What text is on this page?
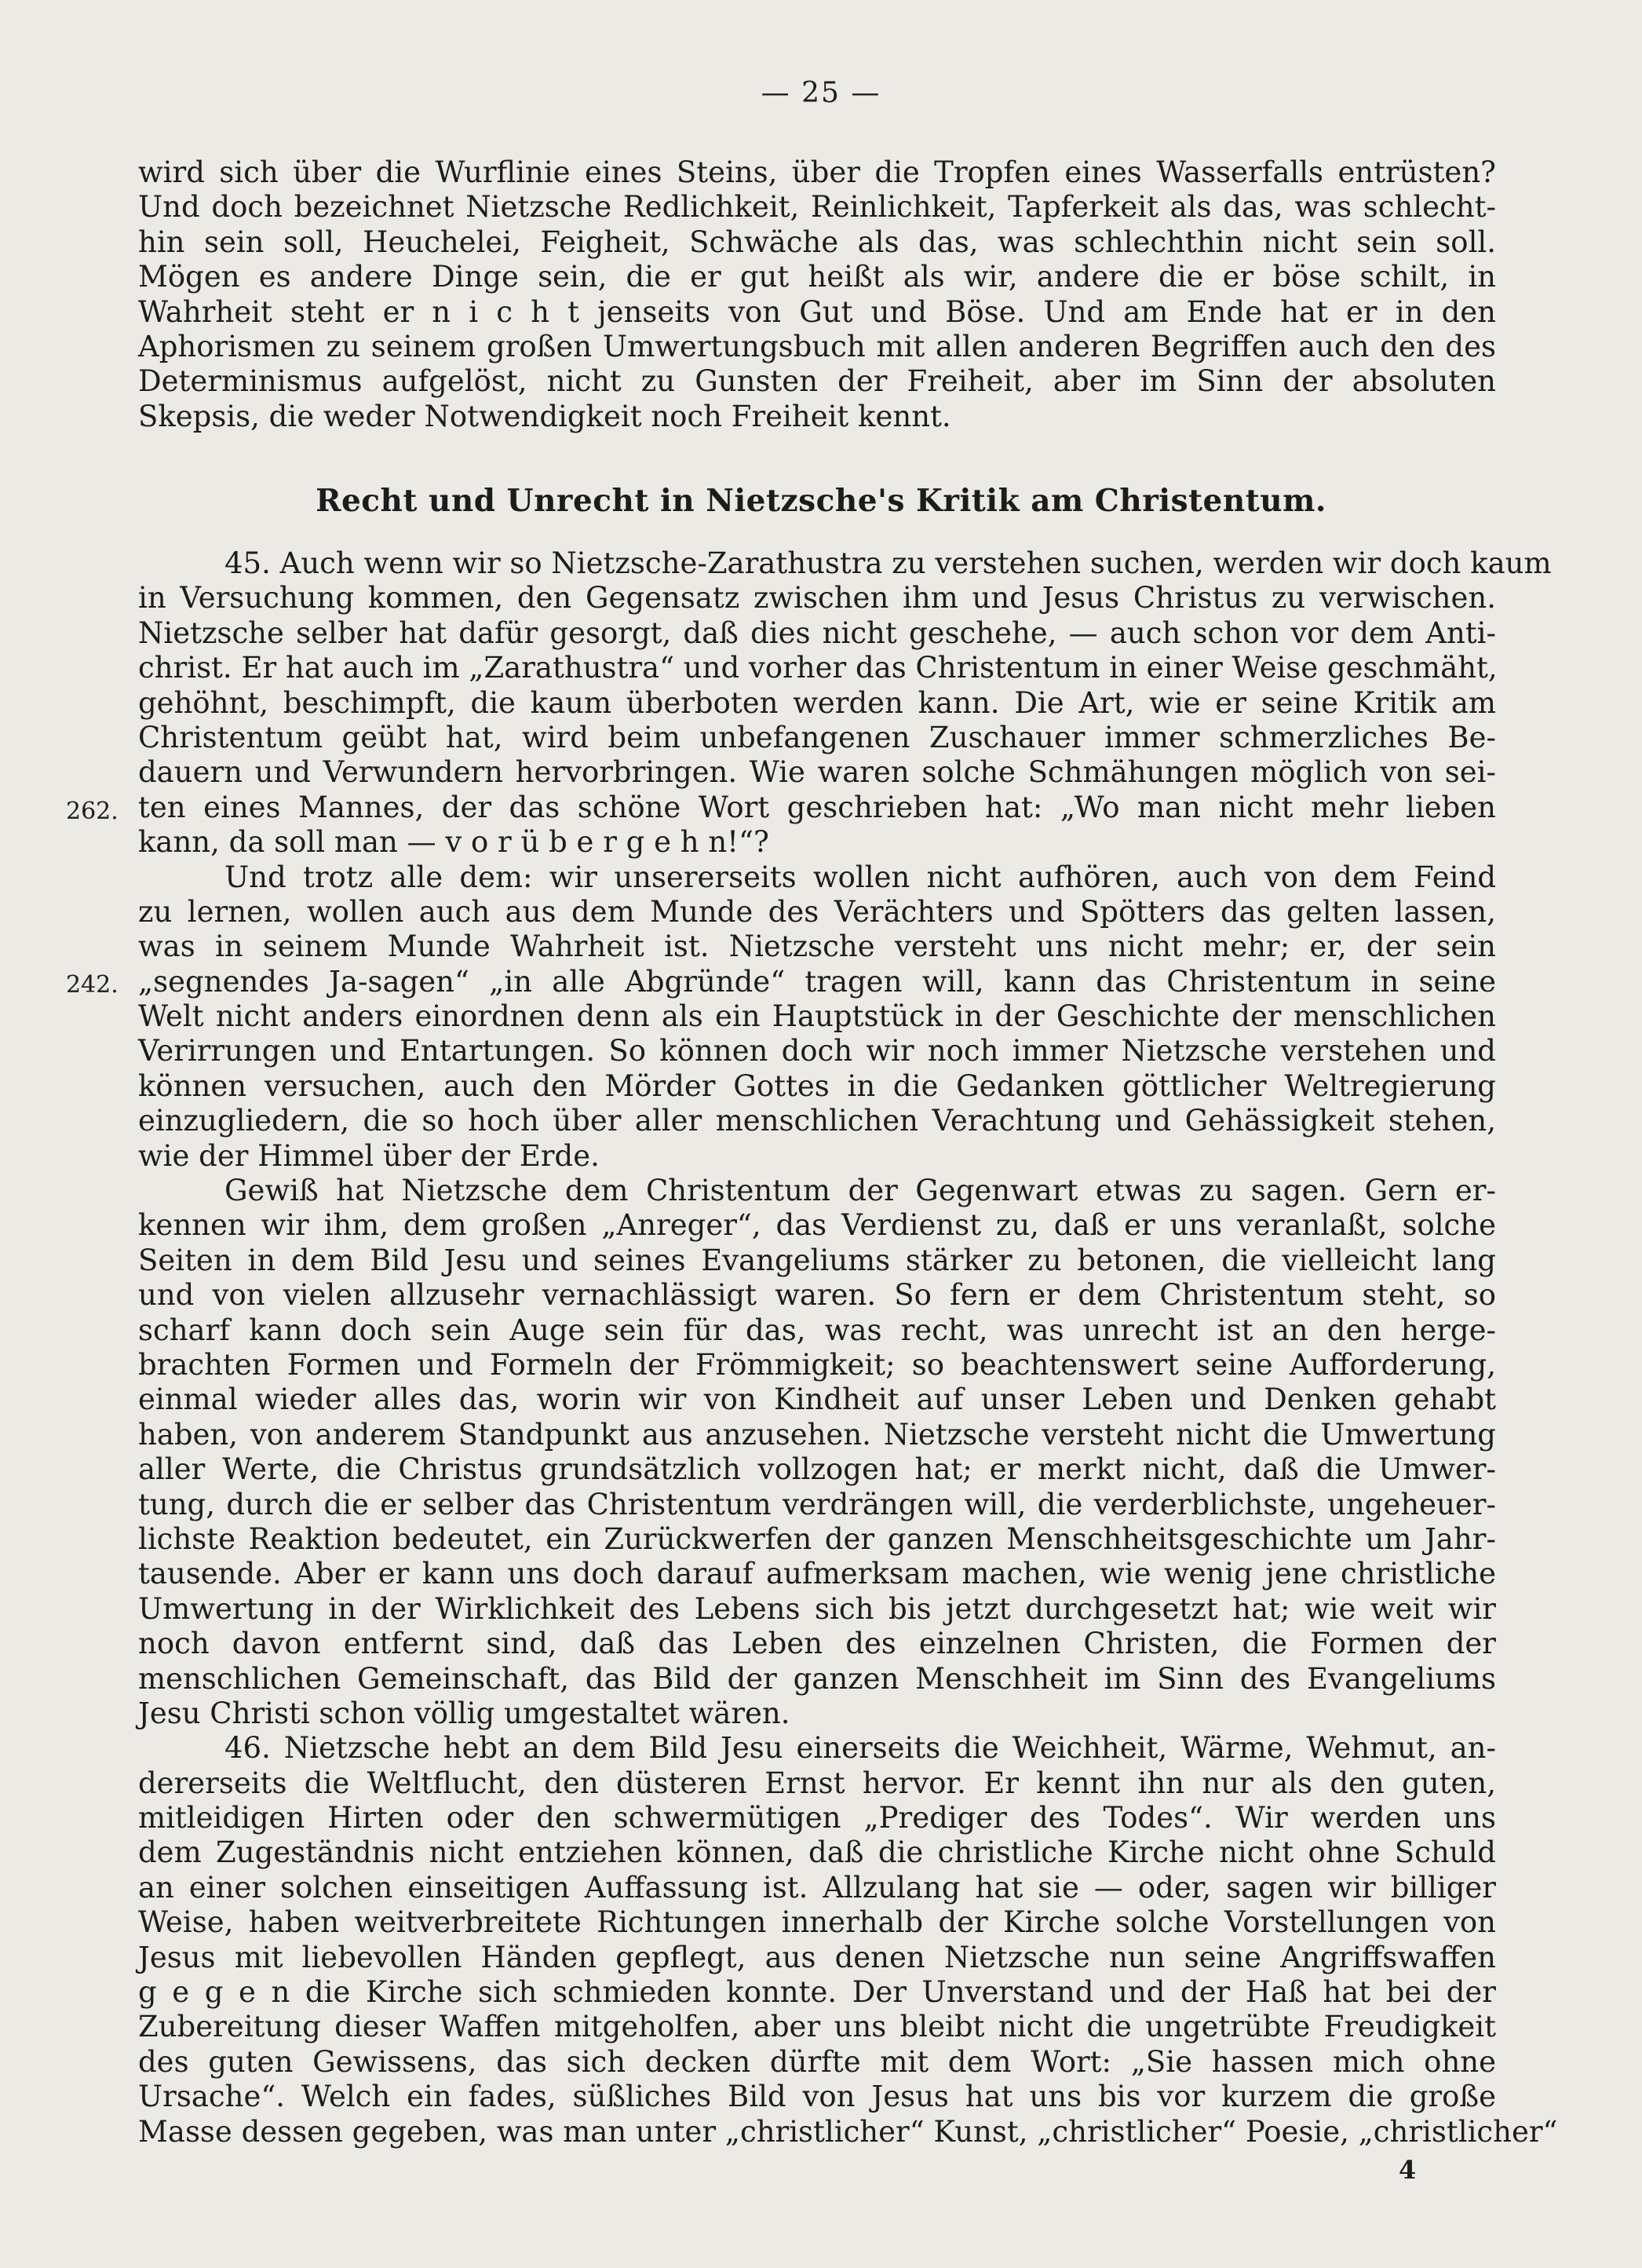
— 25 —
wird sich über die Wurflinie eines Steins, über die Tropfen eines Wasserfalls entrüsten?
Und doch bezeichnet Nietzsche Redlichkeit, Reinlichkeit, Tapferkeit als das, was schlecht-
hin sein soll, Heuchelei, Feigheit, Schwäche als das, was schlechthin nicht sein soll.
Mögen es andere Dinge sein, die er gut heißt als wir, andere die er böse schilt, in
Wahrheit steht er n i c h t jenseits von Gut und Böse. Und am Ende hat er in den
Aphorismen zu seinem großen Umwertungsbuch mit allen anderen Begriffen auch den des
Determinismus aufgelöst, nicht zu Gunsten der Freiheit, aber im Sinn der absoluten
Skepsis, die weder Notwendigkeit noch Freiheit kennt.
Recht und Unrecht in Nietzsche's Kritik am Christentum.
262.
242.
45. Auch wenn wir so Nietzsche-Zarathustra zu verstehen suchen, werden wir doch kaum
in Versuchung kommen, den Gegensatz zwischen ihm und Jesus Christus zu verwischen.
Nietzsche selber hat dafür gesorgt, daß dies nicht geschehe, — auch schon vor dem Anti-
christ. Er hat auch im „Zarathustra“ und vorher das Christentum in einer Weise geschmäht,
gehöhnt, beschimpft, die kaum überboten werden kann. Die Art, wie er seine Kritik am
Christentum geübt hat, wird beim unbefangenen Zuschauer immer schmerzliches Be-
dauern und Verwundern hervorbringen. Wie waren solche Schmähungen möglich von sei-
ten eines Mannes, der das schöne Wort geschrieben hat: „Wo man nicht mehr lieben
kann, da soll man — v o r ü b e r g e h n!“?
Und trotz alle dem: wir unsererseits wollen nicht aufhören, auch von dem Feind
zu lernen, wollen auch aus dem Munde des Verächters und Spötters das gelten lassen,
was in seinem Munde Wahrheit ist. Nietzsche versteht uns nicht mehr; er, der sein
„segnendes Ja-sagen“ „in alle Abgründe“ tragen will, kann das Christentum in seine
Welt nicht anders einordnen denn als ein Hauptstück in der Geschichte der menschlichen
Verirrungen und Entartungen. So können doch wir noch immer Nietzsche verstehen und
können versuchen, auch den Mörder Gottes in die Gedanken göttlicher Weltregierung
einzugliedern, die so hoch über aller menschlichen Verachtung und Gehässigkeit stehen,
wie der Himmel über der Erde.
Gewiß hat Nietzsche dem Christentum der Gegenwart etwas zu sagen. Gern er-
kennen wir ihm, dem großen „Anreger“, das Verdienst zu, daß er uns veranlaßt, solche
Seiten in dem Bild Jesu und seines Evangeliums stärker zu betonen, die vielleicht lang
und von vielen allzusehr vernachlässigt waren. So fern er dem Christentum steht, so
scharf kann doch sein Auge sein für das, was recht, was unrecht ist an den herge-
brachten Formen und Formeln der Frömmigkeit; so beachtenswert seine Aufforderung,
einmal wieder alles das, worin wir von Kindheit auf unser Leben und Denken gehabt
haben, von anderem Standpunkt aus anzusehen. Nietzsche versteht nicht die Umwertung
aller Werte, die Christus grundsätzlich vollzogen hat; er merkt nicht, daß die Umwer-
tung, durch die er selber das Christentum verdrängen will, die verderblichste, ungeheuer-
lichste Reaktion bedeutet, ein Zurückwerfen der ganzen Menschheitsgeschichte um Jahr-
tausende. Aber er kann uns doch darauf aufmerksam machen, wie wenig jene christliche
Umwertung in der Wirklichkeit des Lebens sich bis jetzt durchgesetzt hat; wie weit wir
noch davon entfernt sind, daß das Leben des einzelnen Christen, die Formen der
menschlichen Gemeinschaft, das Bild der ganzen Menschheit im Sinn des Evangeliums
Jesu Christi schon völlig umgestaltet wären.
46. Nietzsche hebt an dem Bild Jesu einerseits die Weichheit, Wärme, Wehmut, an-
dererseits die Weltflucht, den düsteren Ernst hervor. Er kennt ihn nur als den guten,
mitleidigen Hirten oder den schwermütigen „Prediger des Todes“. Wir werden uns
dem Zugeständnis nicht entziehen können, daß die christliche Kirche nicht ohne Schuld
an einer solchen einseitigen Auffassung ist. Allzulang hat sie — oder, sagen wir billiger
Weise, haben weitverbreitete Richtungen innerhalb der Kirche solche Vorstellungen von
Jesus mit liebevollen Händen gepflegt, aus denen Nietzsche nun seine Angriffswaffen
g e g e n die Kirche sich schmieden konnte. Der Unverstand und der Haß hat bei der
Zubereitung dieser Waffen mitgeholfen, aber uns bleibt nicht die ungetrübte Freudigkeit
des guten Gewissens, das sich decken dürfte mit dem Wort: „Sie hassen mich ohne
Ursache“. Welch ein fades, süßliches Bild von Jesus hat uns bis vor kurzem die große
Masse dessen gegeben, was man unter „christlicher“ Kunst, „christlicher“ Poesie, „christlicher“
4
